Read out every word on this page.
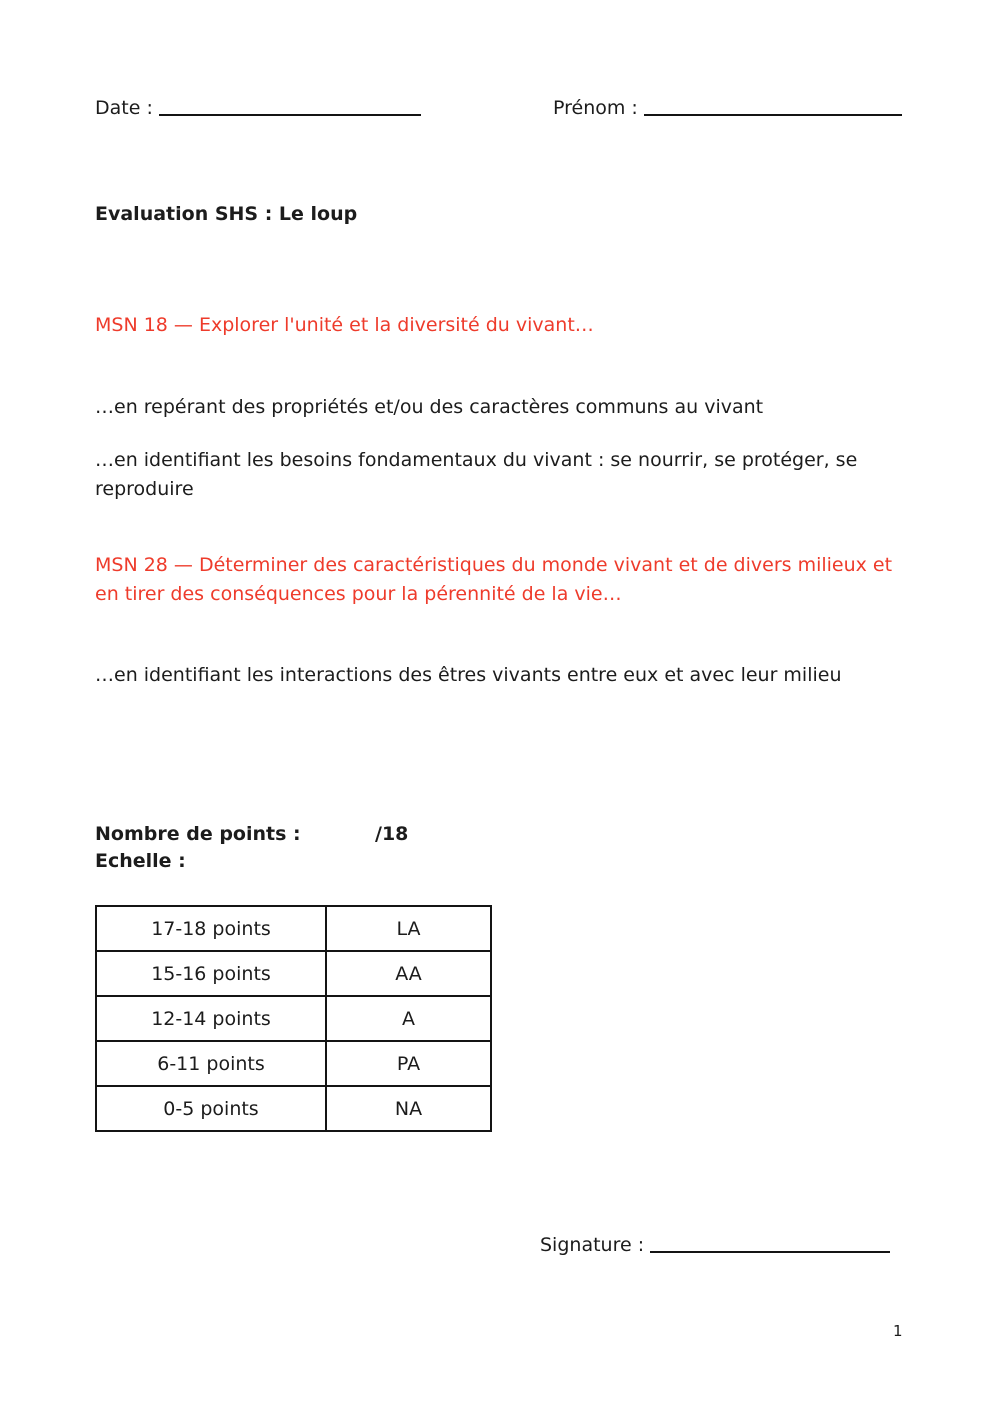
Date :	Prénom :
Evaluation SHS : Le loup
MSN 18 — Explorer l'unité et la diversité du vivant…
…en repérant des propriétés et/ou des caractères communs au vivant
…en identifiant les besoins fondamentaux du vivant : se nourrir, se protéger, se reproduire
MSN 28 — Déterminer des caractéristiques du monde vivant et de divers milieux et en tirer des conséquences pour la pérennité de la vie…
…en identifiant les interactions des êtres vivants entre eux et avec leur milieu
Nombre de points :	/18
Echelle :
17-18 points	LA
15-16 points	AA
12-14 points	A
6-11 points	PA
0-5 points	NA
Signature :
1
